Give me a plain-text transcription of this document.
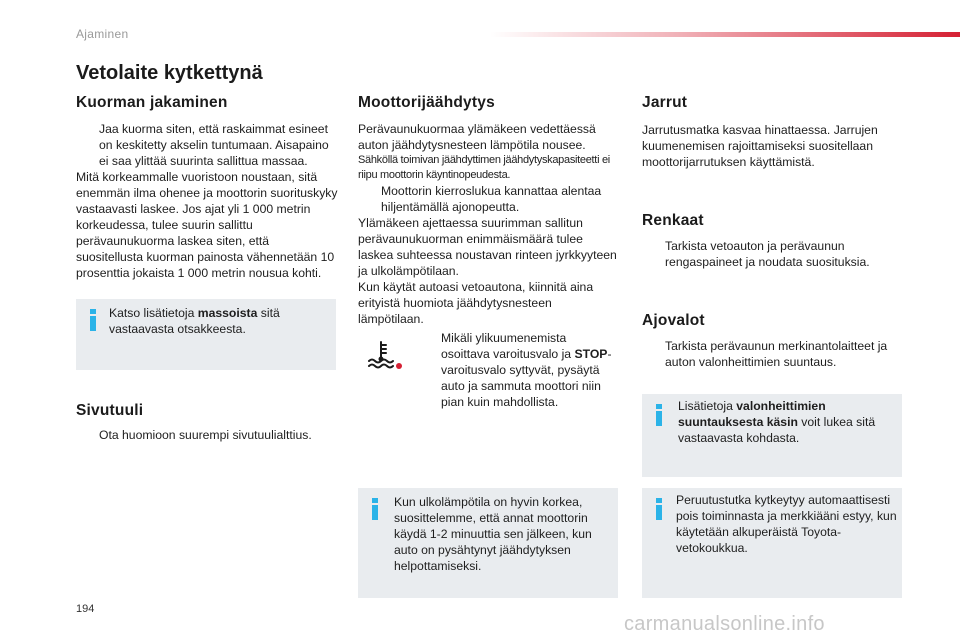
Ajaminen
Vetolaite kytkettynä
Kuorman jakaminen
Jaa kuorma siten, että raskaimmat esineet on keskitetty akselin tuntumaan. Aisapaino ei saa ylittää suurinta sallittua massaa.

Mitä korkeammalle vuoristoon noustaan, sitä enemmän ilma ohenee ja moottorin suorituskyky vastaavasti laskee. Jos ajat yli 1 000 metrin korkeudessa, tulee suurin sallittu perävaunukuorma laskea siten, että suositellusta kuorman painosta vähennetään 10 prosenttia jokaista 1 000 metrin nousua kohti.

Katso lisätietoja massoista sitä vastaavasta otsakkeesta.
Sivutuuli
Ota huomioon suurempi sivutuulialttius.
Moottorijäähdytys

Perävaunukuormaa ylämäkeen vedettäessä auton jäähdytysnesteen lämpötila nousee.

Sähköllä toimivan jäähdyttimen jäähdytyskapasiteetti ei riipu moottorin käyntinopeudesta.

Moottorin kierroslukua kannattaa alentaa hiljentämällä ajonopeutta.

Ylämäkeen ajettaessa suurimman sallitun perävaunukuorman enimmäismäärä tulee laskea suhteessa noustavan rinteen jyrkkyyteen ja ulkolämpötilaan.

Kun käytät autoasi vetoautona, kiinnitä aina erityistä huomiota jäähdytysnesteen lämpötilaan.

Mikäli ylikuumenemista osoittava varoitusvalo ja STOP-varoitusvalo syttyvät, pysäytä auto ja sammuta moottori niin pian kuin mahdollista.
Kun ulkolämpötila on hyvin korkea, suosittelemme, että annat moottorin käydä 1-2 minuuttia sen jälkeen, kun auto on pysähtynyt jäähdytyksen helpottamiseksi.
Jarrut

Jarrutusmatka kasvaa hinattaessa. Jarrujen kuumenemisen rajoittamiseksi suositellaan moottorijarrutuksen käyttämistä.

Renkaat
Tarkista vetoauton ja perävaunun rengaspaineet ja noudata suosituksia.
Ajovalot
Tarkista perävaunun merkinantolaitteet ja auton valonheittimien suuntaus.
Lisätietoja valonheittimien suuntauksesta käsin voit lukea sitä vastaavasta kohdasta.
Peruutustutka kytkeytyy automaattisesti pois toiminnasta ja merkkiääni estyy, kun käytetään alkuperäistä Toyota-vetokoukkua.
194
carmanualsonline.info
